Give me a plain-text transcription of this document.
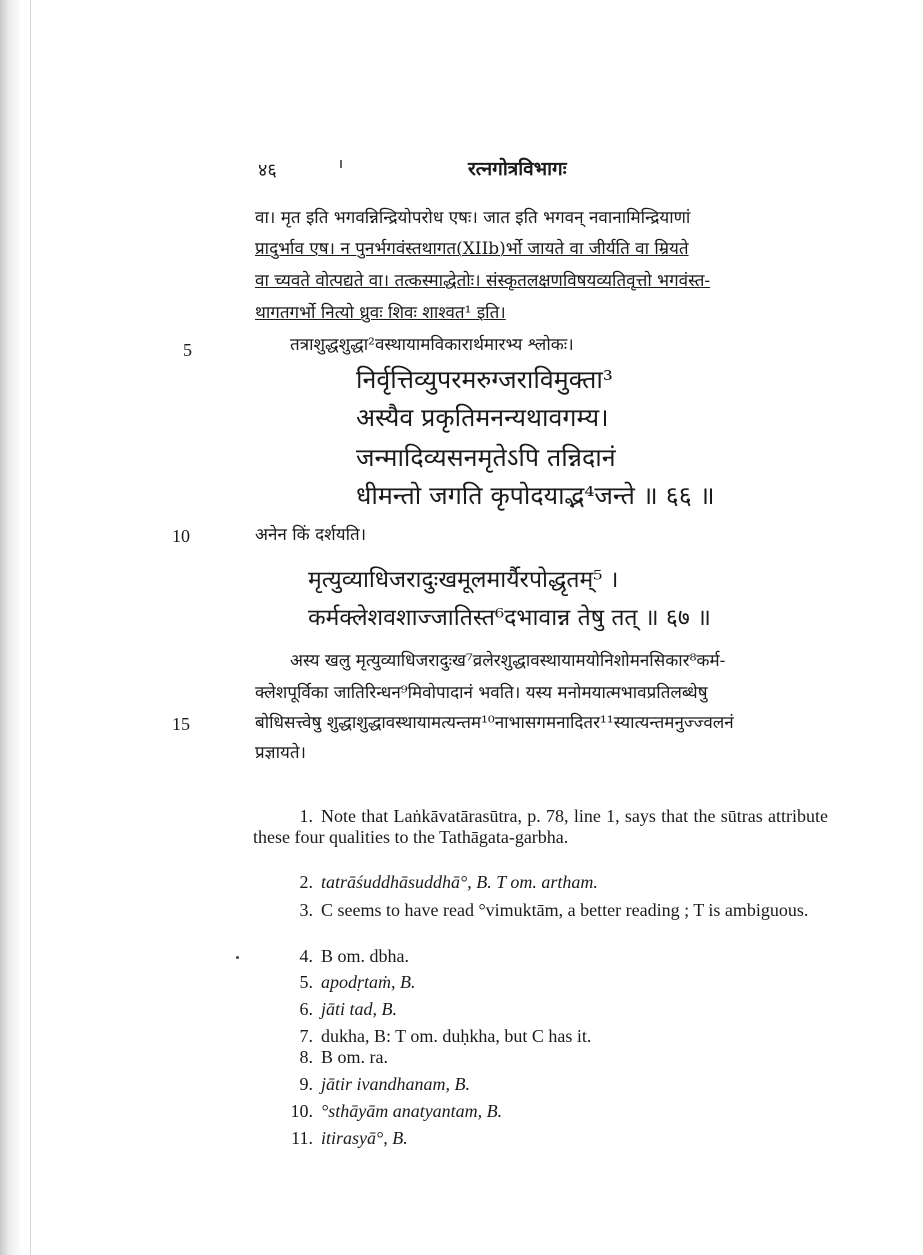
४६	रत्नगोत्रविभागः
वा। मृत इति भगवन्निन्द्रियोपरोध एषः। जात इति भगवन् नवानामिन्द्रियाणां
प्रादुर्भाव एष। न पुनर्भगवंस्तथागत(XIIb)र्भो जायते वा जीर्यति वा म्रियते
वा च्यवते वोत्पद्यते वा। तत्कस्माद्धेतोः। संस्कृतलक्षणविषयव्यतिवृत्तो भगवंस्त-
थागतगर्भो नित्यो ध्रुवः शिवः शाश्वत¹ इति।
5	तत्राशुद्धशुद्धा²वस्थायामविकारार्थमारभ्य श्लोकः।
निर्वृत्तिव्युपरमरुग्जराविमुक्ता³
अस्यैव प्रकृतिमनन्यथावगम्य।
जन्मादिव्यसनमृतेऽपि तन्निदानं
धीमन्तो जगति कृपोदयाद्भ⁴जन्ते ॥ ६६ ॥
10	अनेन किं दर्शयति।
मृत्युव्याधिजरादुःखमूलमार्यैरपोद्धृतम्⁵ ।
कर्मक्लेशवशाज्जातिस्त⁶दभावान्न तेषु तत् ॥ ६७ ॥
अस्य खलु मृत्युव्याधिजरादुःख⁷व्रलेरशुद्धावस्थायामयोनिशोमनसिकार⁸कर्म-
क्लेशपूर्विका जातिरिन्धन⁹मिवोपादानं भवति। यस्य मनोमयात्मभावप्रतिलब्धेषु
15	बोधिसत्त्वेषु शुद्धाशुद्धावस्थायामत्यन्तम¹⁰नाभासगमनादितर¹¹स्यात्यन्तमनुज्ज्वलनं
प्रज्ञायते।
1. Note that Laṅkāvatārasūtra, p. 78, line 1, says that the sūtras attribute these four qualities to the Tathāgata-garbha.
2. tatrāśuddhāsuddhā°, B. T om. artham.
3. C seems to have read °vimuktām, a better reading ; T is ambiguous.
4. B om. dbha.
5. apodṛtaṁ, B.
6. jāti tad, B.
7. dukha, B: T om. duḥkha, but C has it.
8. B om. ra.
9. jātir ivandhanam, B.
10. °sthāyām anatyantam, B.
11. itirasyā°, B.
